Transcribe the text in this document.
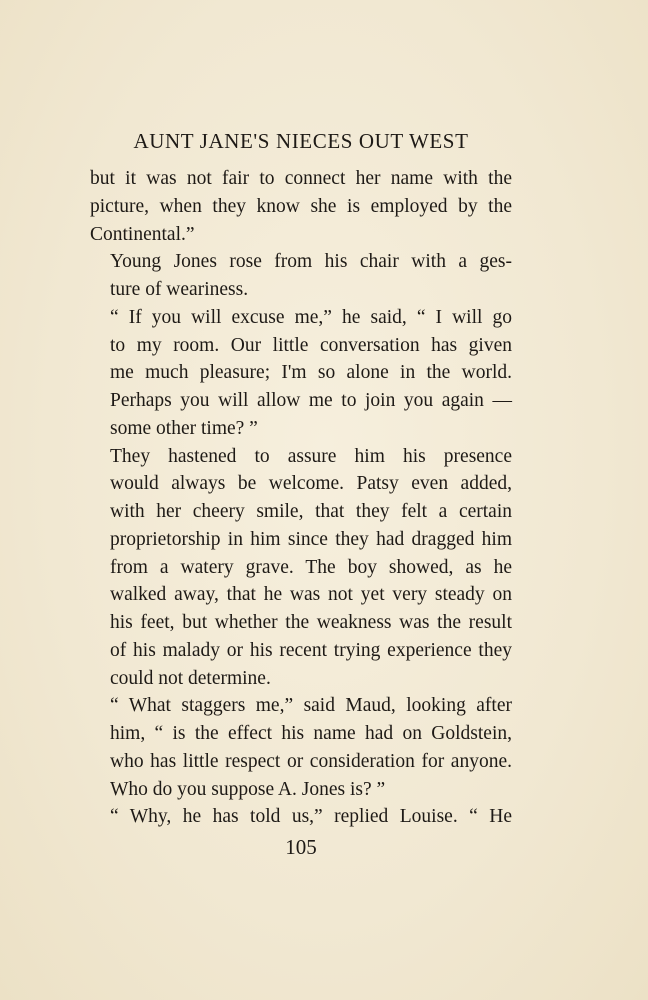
AUNT JANE'S NIECES OUT WEST

but it was not fair to connect her name with the
picture, when they know she is employed by the
Continental.”

Young Jones rose from his chair with a ges-
ture of weariness.

“ If you will excuse me,” he said, “ I will go
to my room. Our little conversation has given
me much pleasure; I'm so alone in the world.
Perhaps you will allow me to join you again —
some other time? ”

They hastened to assure him his presence
would always be welcome. Patsy even added,
with her cheery smile, that they felt a certain
proprietorship in him since they had dragged him
from a watery grave. The boy showed, as he
walked away, that he was not yet very steady on
his feet, but whether the weakness was the result
of his malady or his recent trying experience they
could not determine.

“ What staggers me,” said Maud, looking after
him, “ is the effect his name had on Goldstein,
who has little respect or consideration for anyone.
Who do you suppose A. Jones is? ”

“ Why, he has told us,” replied Louise. “ He

105
